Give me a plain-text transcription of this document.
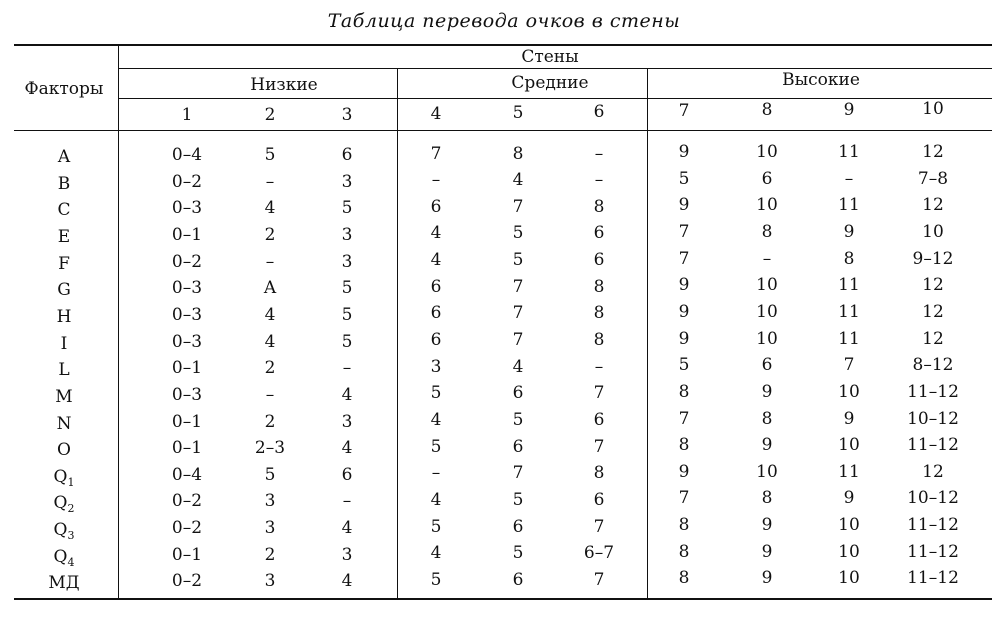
Таблица перевода очков в стены
Факторы
Стены
Низкие	Средние	Высокие
1	2	3	4	5	6	7	8	9	10
A	0–4	5	6	7	8	–	9	10	11	12
B	0–2	–	3	–	4	–	5	6	–	7–8
C	0–3	4	5	6	7	8	9	10	11	12
E	0–1	2	3	4	5	6	7	8	9	10
F	0–2	–	3	4	5	6	7	–	8	9–12
G	0–3	A	5	6	7	8	9	10	11	12
H	0–3	4	5	6	7	8	9	10	11	12
I	0–3	4	5	6	7	8	9	10	11	12
L	0–1	2	–	3	4	–	5	6	7	8–12
M	0–3	–	4	5	6	7	8	9	10	11–12
N	0–1	2	3	4	5	6	7	8	9	10–12
O	0–1	2–3	4	5	6	7	8	9	10	11–12
$Q_1$	0–4	5	6	–	7	8	9	10	11	12
$Q_2$	0–2	3	–	4	5	6	7	8	9	10–12
$Q_3$	0–2	3	4	5	6	7	8	9	10	11–12
$Q_4$	0–1	2	3	4	5	6–7	8	9	10	11–12
МД	0–2	3	4	5	6	7	8	9	10	11–12
